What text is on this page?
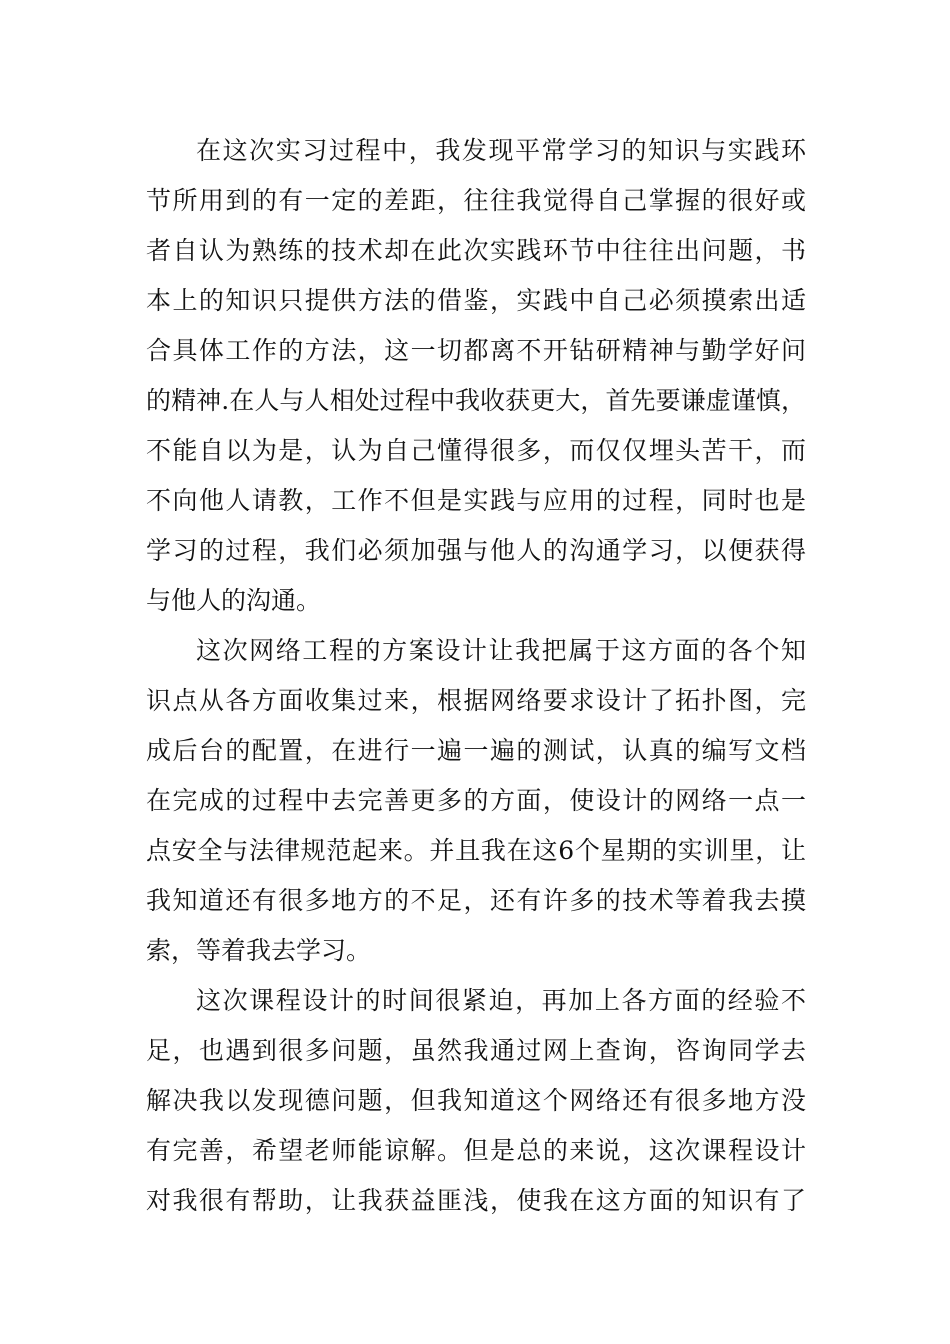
在这次实习过程中，我发现平常学习的知识与实践环
节所用到的有一定的差距，往往我觉得自己掌握的很好或
者自认为熟练的技术却在此次实践环节中往往出问题，书
本上的知识只提供方法的借鉴，实践中自己必须摸索出适
合具体工作的方法，这一切都离不开钻研精神与勤学好问
的精神.在人与人相处过程中我收获更大，首先要谦虚谨慎，
不能自以为是，认为自己懂得很多，而仅仅埋头苦干，而
不向他人请教，工作不但是实践与应用的过程，同时也是
学习的过程，我们必须加强与他人的沟通学习，以便获得
与他人的沟通。
这次网络工程的方案设计让我把属于这方面的各个知
识点从各方面收集过来，根据网络要求设计了拓扑图，完
成后台的配置，在进行一遍一遍的测试，认真的编写文档
在完成的过程中去完善更多的方面，使设计的网络一点一
点安全与法律规范起来。并且我在这6个星期的实训里，让
我知道还有很多地方的不足，还有许多的技术等着我去摸
索，等着我去学习。
这次课程设计的时间很紧迫，再加上各方面的经验不
足，也遇到很多问题，虽然我通过网上查询，咨询同学去
解决我以发现德问题，但我知道这个网络还有很多地方没
有完善，希望老师能谅解。但是总的来说，这次课程设计
对我很有帮助，让我获益匪浅，使我在这方面的知识有了
